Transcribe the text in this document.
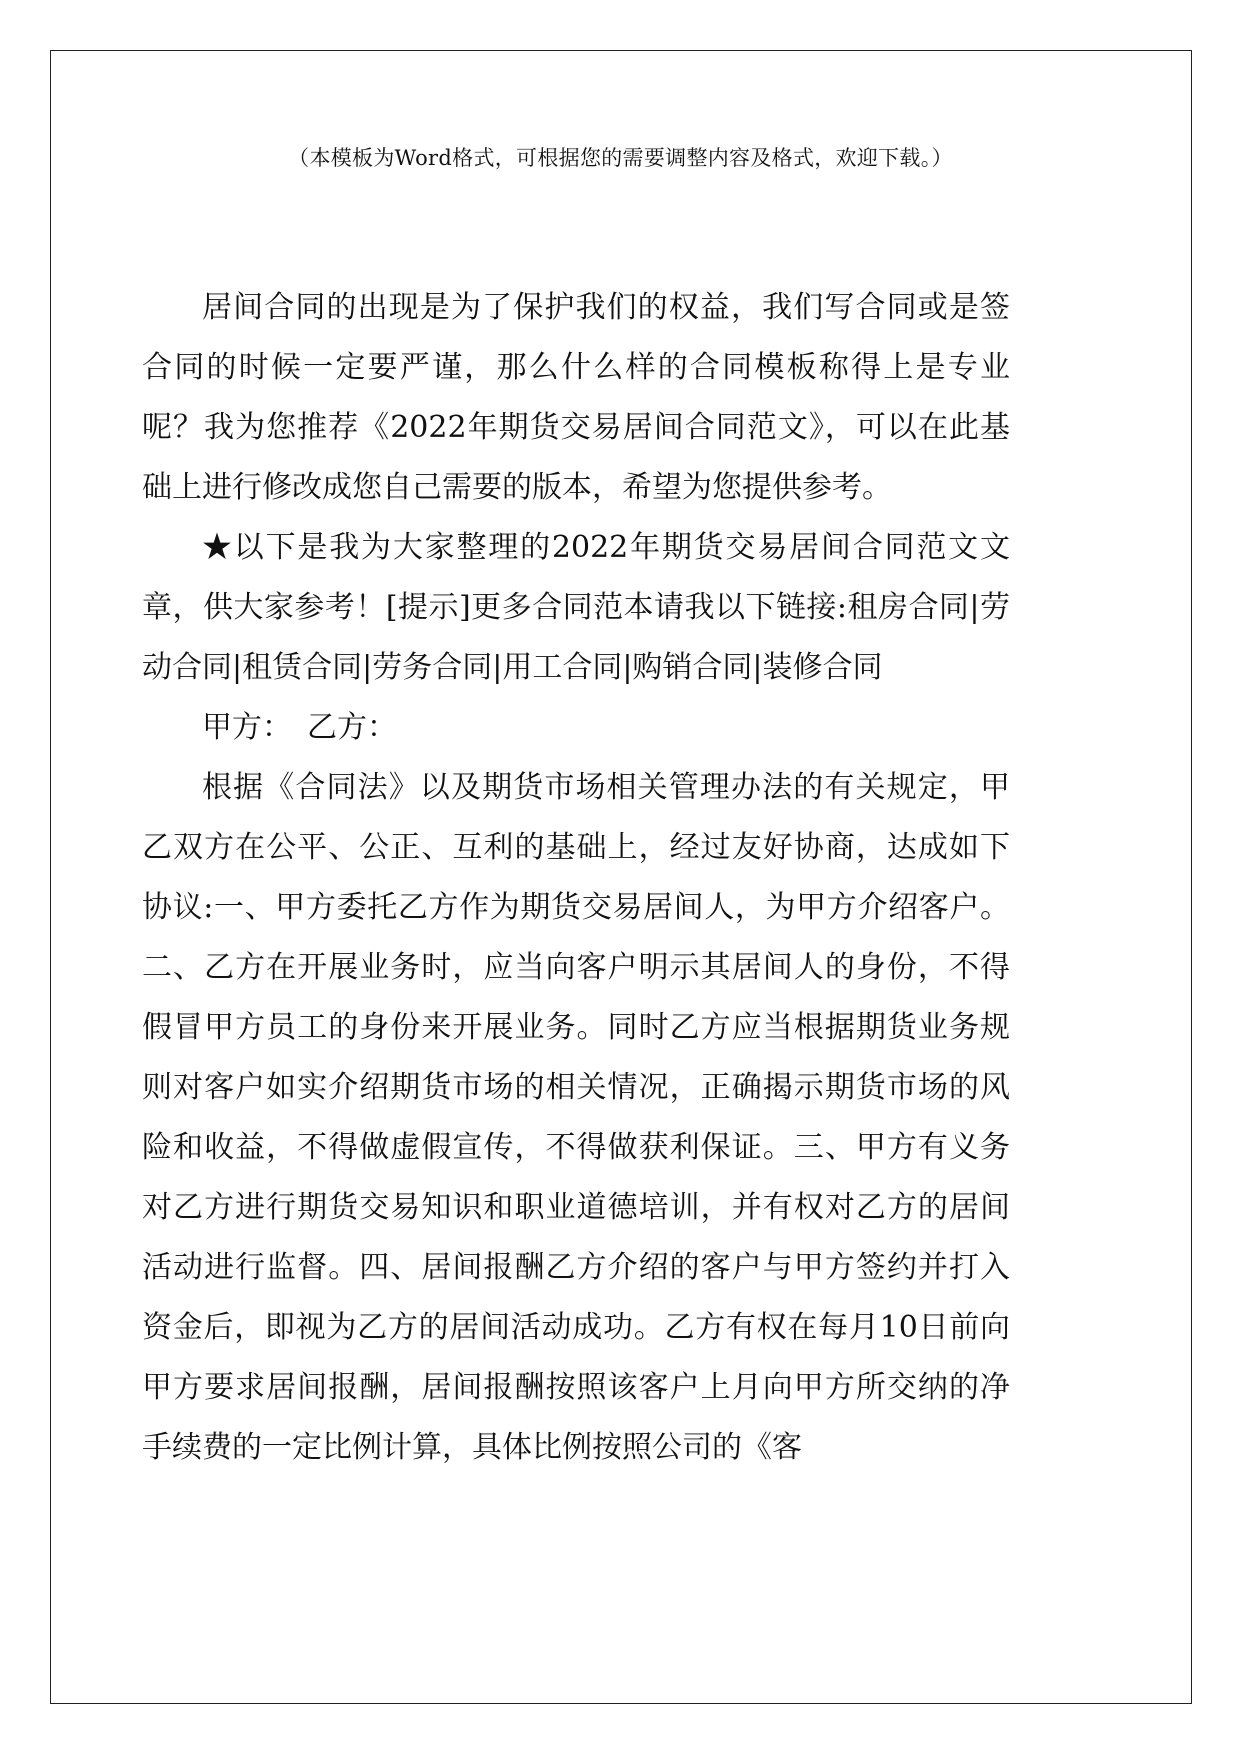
（本模板为Word格式，可根据您的需要调整内容及格式，欢迎下载。）

居间合同的出现是为了保护我们的权益，我们写合同或是签合同的时候一定要严谨，那么什么样的合同模板称得上是专业呢？我为您推荐《2022年期货交易居间合同范文》，可以在此基础上进行修改成您自己需要的版本，希望为您提供参考。

★以下是我为大家整理的2022年期货交易居间合同范文文章，供大家参考！[提示]更多合同范本请我以下链接:租房合同|劳动合同|租赁合同|劳务合同|用工合同|购销合同|装修合同

甲方：　乙方：

根据《合同法》以及期货市场相关管理办法的有关规定，甲乙双方在公平、公正、互利的基础上，经过友好协商，达成如下协议:一、甲方委托乙方作为期货交易居间人，为甲方介绍客户。二、乙方在开展业务时，应当向客户明示其居间人的身份，不得假冒甲方员工的身份来开展业务。同时乙方应当根据期货业务规则对客户如实介绍期货市场的相关情况，正确揭示期货市场的风险和收益，不得做虚假宣传，不得做获利保证。三、甲方有义务对乙方进行期货交易知识和职业道德培训，并有权对乙方的居间活动进行监督。四、居间报酬乙方介绍的客户与甲方签约并打入资金后，即视为乙方的居间活动成功。乙方有权在每月10日前向甲方要求居间报酬，居间报酬按照该客户上月向甲方所交纳的净手续费的一定比例计算，具体比例按照公司的《客
